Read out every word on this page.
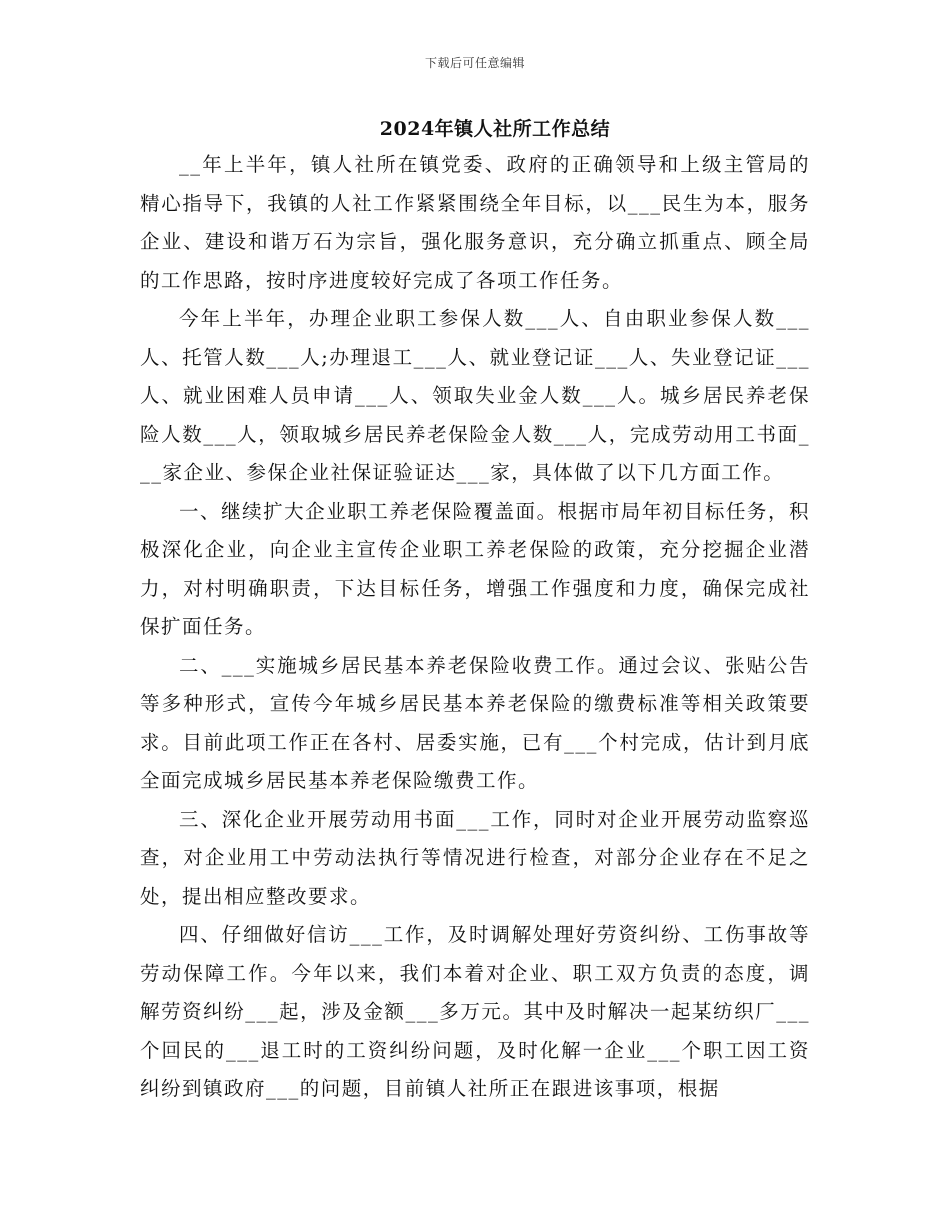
下载后可任意编辑
2024年镇人社所工作总结

__年上半年，镇人社所在镇党委、政府的正确领导和上级主管局的精心指导下，我镇的人社工作紧紧围绕全年目标，以___民生为本，服务企业、建设和谐万石为宗旨，强化服务意识，充分确立抓重点、顾全局的工作思路，按时序进度较好完成了各项工作任务。

今年上半年，办理企业职工参保人数___人、自由职业参保人数___人、托管人数___人;办理退工___人、就业登记证___人、失业登记证___人、就业困难人员申请___人、领取失业金人数___人。城乡居民养老保险人数___人，领取城乡居民养老保险金人数___人，完成劳动用工书面___家企业、参保企业社保证验证达___家，具体做了以下几方面工作。

一、继续扩大企业职工养老保险覆盖面。根据市局年初目标任务，积极深化企业，向企业主宣传企业职工养老保险的政策，充分挖掘企业潜力，对村明确职责，下达目标任务，增强工作强度和力度，确保完成社保扩面任务。

二、___实施城乡居民基本养老保险收费工作。通过会议、张贴公告等多种形式，宣传今年城乡居民基本养老保险的缴费标准等相关政策要求。目前此项工作正在各村、居委实施，已有___个村完成，估计到月底全面完成城乡居民基本养老保险缴费工作。

三、深化企业开展劳动用书面___工作，同时对企业开展劳动监察巡查，对企业用工中劳动法执行等情况进行检查，对部分企业存在不足之处，提出相应整改要求。

四、仔细做好信访___工作，及时调解处理好劳资纠纷、工伤事故等劳动保障工作。今年以来，我们本着对企业、职工双方负责的态度，调解劳资纠纷___起，涉及金额___多万元。其中及时解决一起某纺织厂___个回民的___退工时的工资纠纷问题，及时化解一企业___个职工因工资纠纷到镇政府___的问题，目前镇人社所正在跟进该事项，根据
